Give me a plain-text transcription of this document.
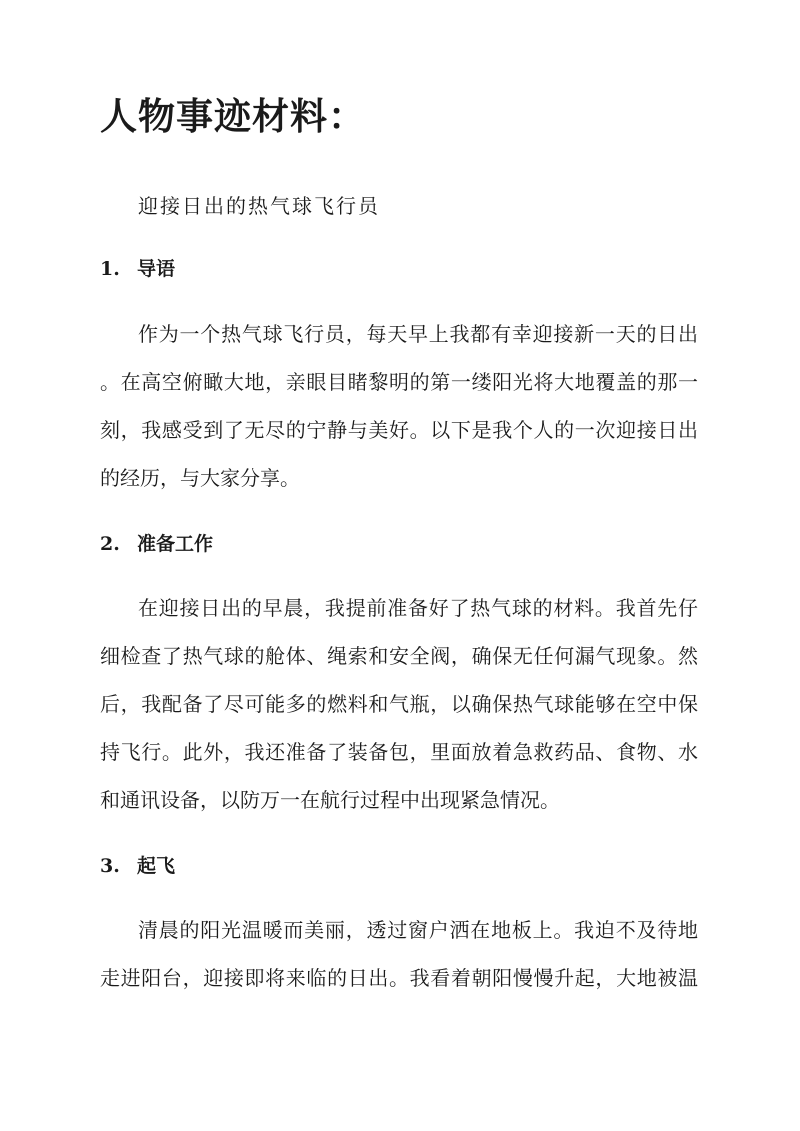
人物事迹材料：

迎接日出的热气球飞行员

1. 导语
作为一个热气球飞行员，每天早上我都有幸迎接新一天的日出
。在高空俯瞰大地，亲眼目睹黎明的第一缕阳光将大地覆盖的那一
刻，我感受到了无尽的宁静与美好。以下是我个人的一次迎接日出
的经历，与大家分享。
2. 准备工作
在迎接日出的早晨，我提前准备好了热气球的材料。我首先仔
细检查了热气球的舱体、绳索和安全阀，确保无任何漏气现象。然
后，我配备了尽可能多的燃料和气瓶，以确保热气球能够在空中保
持飞行。此外，我还准备了装备包，里面放着急救药品、食物、水
和通讯设备，以防万一在航行过程中出现紧急情况。
3. 起飞
清晨的阳光温暖而美丽，透过窗户洒在地板上。我迫不及待地
走进阳台，迎接即将来临的日出。我看着朝阳慢慢升起，大地被温
